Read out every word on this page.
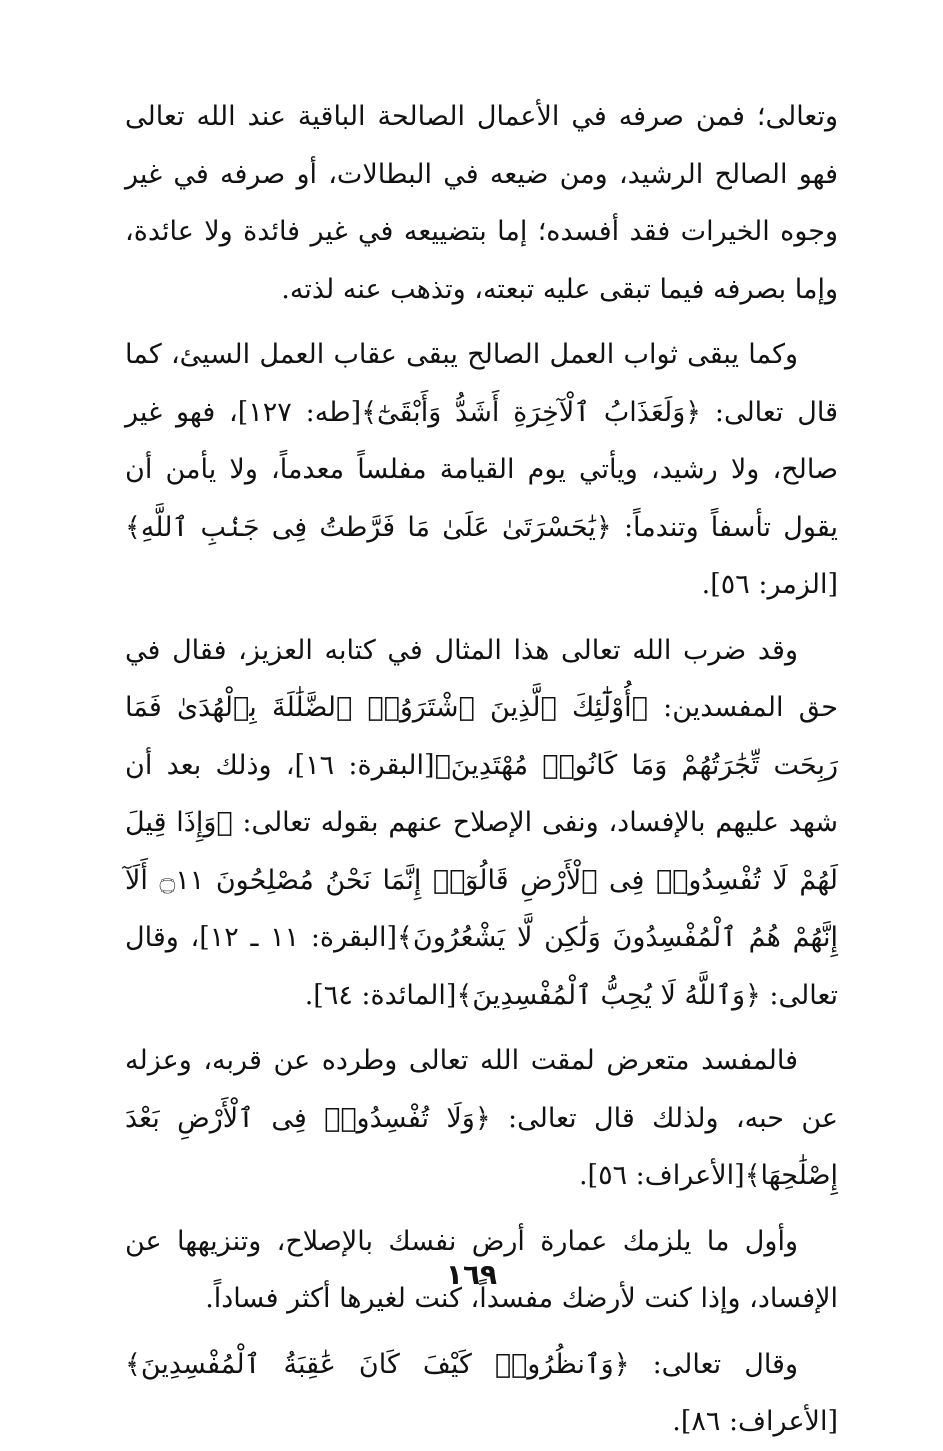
وتعالى؛ فمن صرفه في الأعمال الصالحة الباقية عند الله تعالى فهو الصالح الرشيد، ومن ضيعه في البطالات، أو صرفه في غير وجوه الخيرات فقد أفسده؛ إما بتضييعه في غير فائدة ولا عائدة، وإما بصرفه فيما تبقى عليه تبعته، وتذهب عنه لذته.

وكما يبقى ثواب العمل الصالح يبقى عقاب العمل السيئ، كما قال تعالى: ﴿وَلَعَذَابُ ٱلْآخِرَةِ أَشَدُّ وَأَبْقَىٰٓ﴾[طه: ١٢٧]، فهو غير صالح، ولا رشيد، ويأتي يوم القيامة مفلساً معدماً، ولا يأمن أن يقول تأسفاً وتندماً: ﴿يَٰحَسْرَتَىٰ عَلَىٰ مَا فَرَّطتُ فِى جَنۢبِ ٱللَّهِ﴾[الزمر: ٥٦].

وقد ضرب الله تعالى هذا المثال في كتابه العزيز، فقال في حق المفسدين: ﴿أُوْلَٰٓئِكَ ٱلَّذِينَ ٱشْتَرَوُا۟ ٱلضَّلَٰلَةَ بِٱلْهُدَىٰ فَمَا رَبِحَت تِّجَٰرَتُهُمْ وَمَا كَانُوا۟ مُهْتَدِينَ﴾[البقرة: ١٦]، وذلك بعد أن شهد عليهم بالإفساد، ونفى الإصلاح عنهم بقوله تعالى: ﴿وَإِذَا قِيلَ لَهُمْ لَا تُفْسِدُوا۟ فِى ٱلْأَرْضِ قَالُوٓا۟ إِنَّمَا نَحْنُ مُصْلِحُونَ ۝١١ أَلَآ إِنَّهُمْ هُمُ ٱلْمُفْسِدُونَ وَلَٰكِن لَّا يَشْعُرُونَ﴾[البقرة: ١١ ـ ١٢]، وقال تعالى: ﴿وَٱللَّهُ لَا يُحِبُّ ٱلْمُفْسِدِينَ﴾[المائدة: ٦٤].

فالمفسد متعرض لمقت الله تعالى وطرده عن قربه، وعزله عن حبه، ولذلك قال تعالى: ﴿وَلَا تُفْسِدُوا۟ فِى ٱلْأَرْضِ بَعْدَ إِصْلَٰحِهَا﴾[الأعراف: ٥٦].

وأول ما يلزمك عمارة أرض نفسك بالإصلاح، وتنزيهها عن الإفساد، وإذا كنت لأرضك مفسداً، كنت لغيرها أكثر فساداً.

وقال تعالى: ﴿وَٱنظُرُوا۟ كَيْفَ كَانَ عَٰقِبَةُ ٱلْمُفْسِدِينَ﴾[الأعراف: ٨٦].

١٦٩
